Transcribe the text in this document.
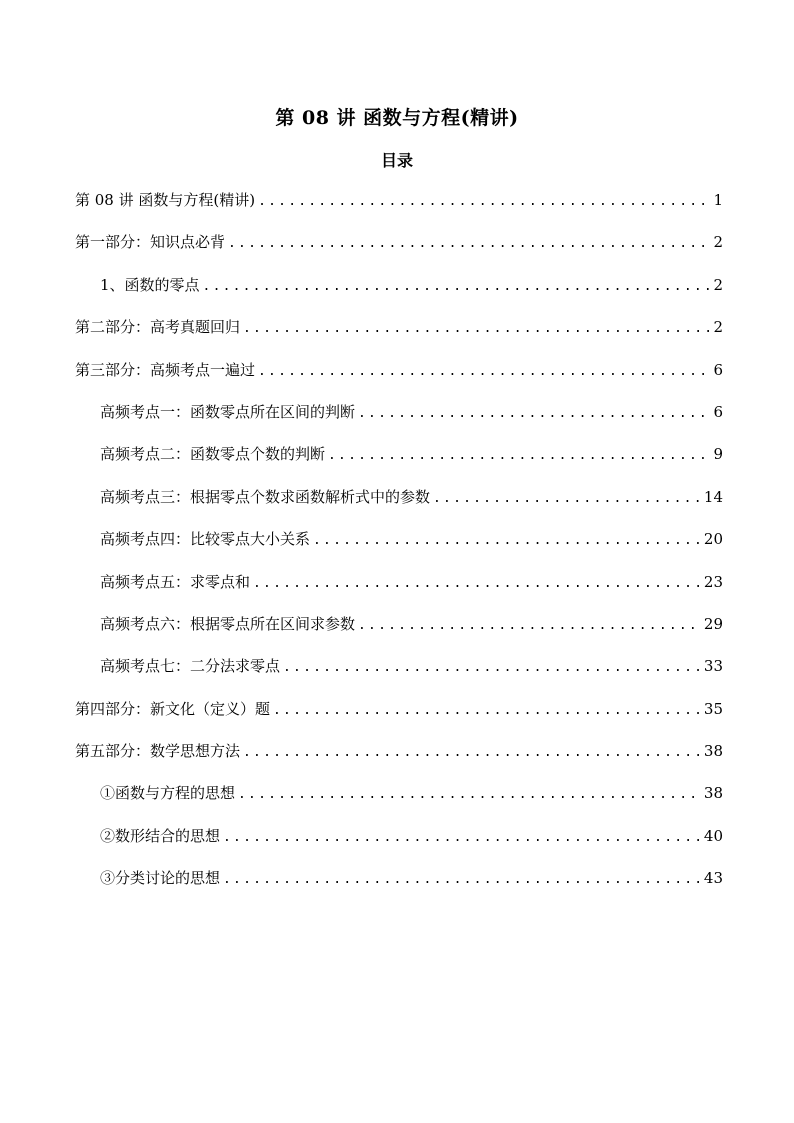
第 08 讲 函数与方程(精讲)
目录
第 08 讲 函数与方程(精讲) .....	1
第一部分：知识点必背 .....	2
1、函数的零点 .....	2
第二部分：高考真题回归 .....	2
第三部分：高频考点一遍过 .....	6
高频考点一：函数零点所在区间的判断 .....	6
高频考点二：函数零点个数的判断 .....	9
高频考点三：根据零点个数求函数解析式中的参数 .....	14
高频考点四：比较零点大小关系 .....	20
高频考点五：求零点和 .....	23
高频考点六：根据零点所在区间求参数 .....	29
高频考点七：二分法求零点 .....	33
第四部分：新文化（定义）题 .....	35
第五部分：数学思想方法 .....	38
①函数与方程的思想 .....	38
②数形结合的思想 .....	40
③分类讨论的思想 .....	43
